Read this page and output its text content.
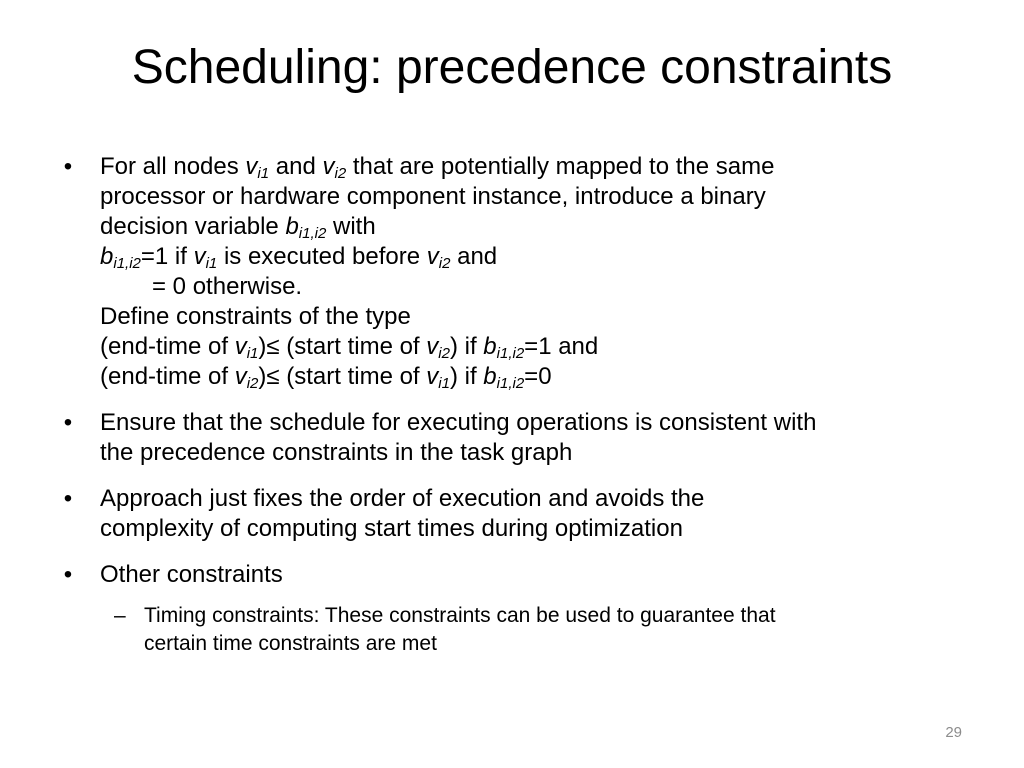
Scheduling: precedence constraints
• For all nodes $v_{i1}$ and $v_{i2}$ that are potentially mapped to the same
processor or hardware component instance, introduce a binary
decision variable $b_{i1,i2}$ with
$b_{i1,i2}=1$ if $v_{i1}$ is executed before $v_{i2}$ and
= 0 otherwise.
Define constraints of the type
(end-time of $v_{i1})\le$ (start time of $v_{i2}$) if $b_{i1,i2}=1$ and
(end-time of $v_{i2})\le$ (start time of $v_{i1}$) if $b_{i1,i2}=0$
• Ensure that the schedule for executing operations is consistent with
the precedence constraints in the task graph
• Approach just fixes the order of execution and avoids the
complexity of computing start times during optimization
• Other constraints
– Timing constraints: These constraints can be used to guarantee that
certain time constraints are met
29
